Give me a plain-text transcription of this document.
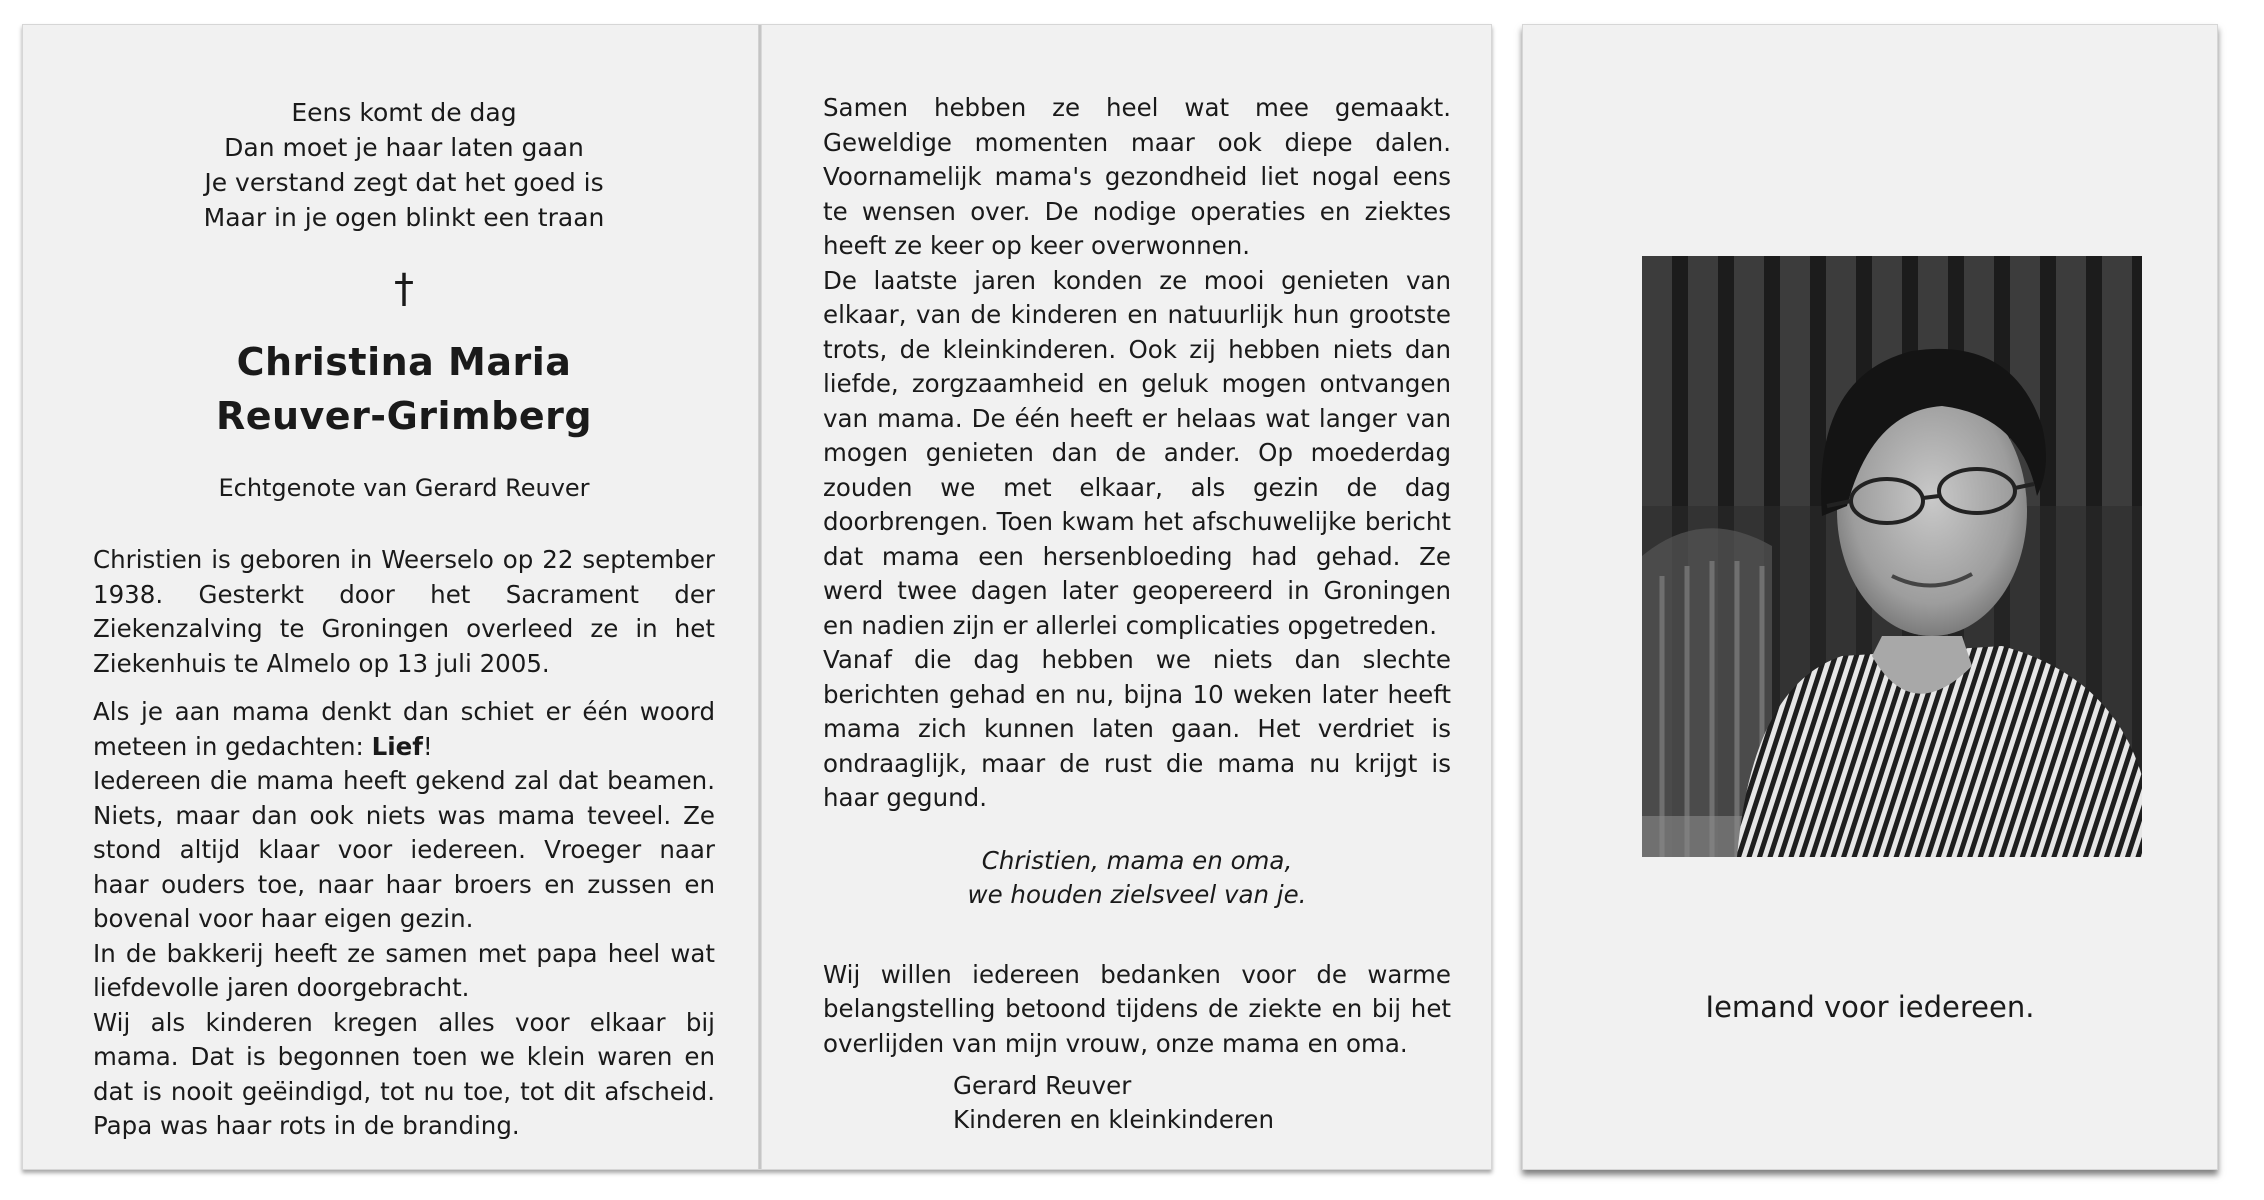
Eens komt de dag
Dan moet je haar laten gaan
Je verstand zegt dat het goed is
Maar in je ogen blinkt een traan
†
Christina Maria
Reuver-Grimberg
Echtgenote van Gerard Reuver

Christien is geboren in Weerselo op 22 september 1938. Gesterkt door het Sacrament der Ziekenzalving te Groningen overleed ze in het Ziekenhuis te Almelo op 13 juli 2005.

Als je aan mama denkt dan schiet er één woord meteen in gedachten: Lief!

Iedereen die mama heeft gekend zal dat beamen. Niets, maar dan ook niets was mama teveel. Ze stond altijd klaar voor iedereen. Vroeger naar haar ouders toe, naar haar broers en zussen en bovenal voor haar eigen gezin.

In de bakkerij heeft ze samen met papa heel wat liefdevolle jaren doorgebracht.

Wij als kinderen kregen alles voor elkaar bij mama. Dat is begonnen toen we klein waren en dat is nooit geëindigd, tot nu toe, tot dit afscheid. Papa was haar rots in de branding.

Samen hebben ze heel wat mee gemaakt. Geweldige momenten maar ook diepe dalen. Voornamelijk mama's gezondheid liet nogal eens te wensen over. De nodige operaties en ziektes heeft ze keer op keer overwonnen.

De laatste jaren konden ze mooi genieten van elkaar, van de kinderen en natuurlijk hun grootste trots, de kleinkinderen. Ook zij hebben niets dan liefde, zorgzaamheid en geluk mogen ontvangen van mama. De één heeft er helaas wat langer van mogen genieten dan de ander. Op moederdag zouden we met elkaar, als gezin de dag doorbrengen. Toen kwam het afschuwelijke bericht dat mama een hersenbloeding had gehad. Ze werd twee dagen later geopereerd in Groningen en nadien zijn er allerlei complicaties opgetreden.

Vanaf die dag hebben we niets dan slechte berichten gehad en nu, bijna 10 weken later heeft mama zich kunnen laten gaan. Het verdriet is ondraaglijk, maar de rust die mama nu krijgt is haar gegund.

Christien, mama en oma,
we houden zielsveel van je.

Wij willen iedereen bedanken voor de warme belangstelling betoond tijdens de ziekte en bij het overlijden van mijn vrouw, onze mama en oma.

Gerard Reuver
Kinderen en kleinkinderen
Iemand voor iedereen.
